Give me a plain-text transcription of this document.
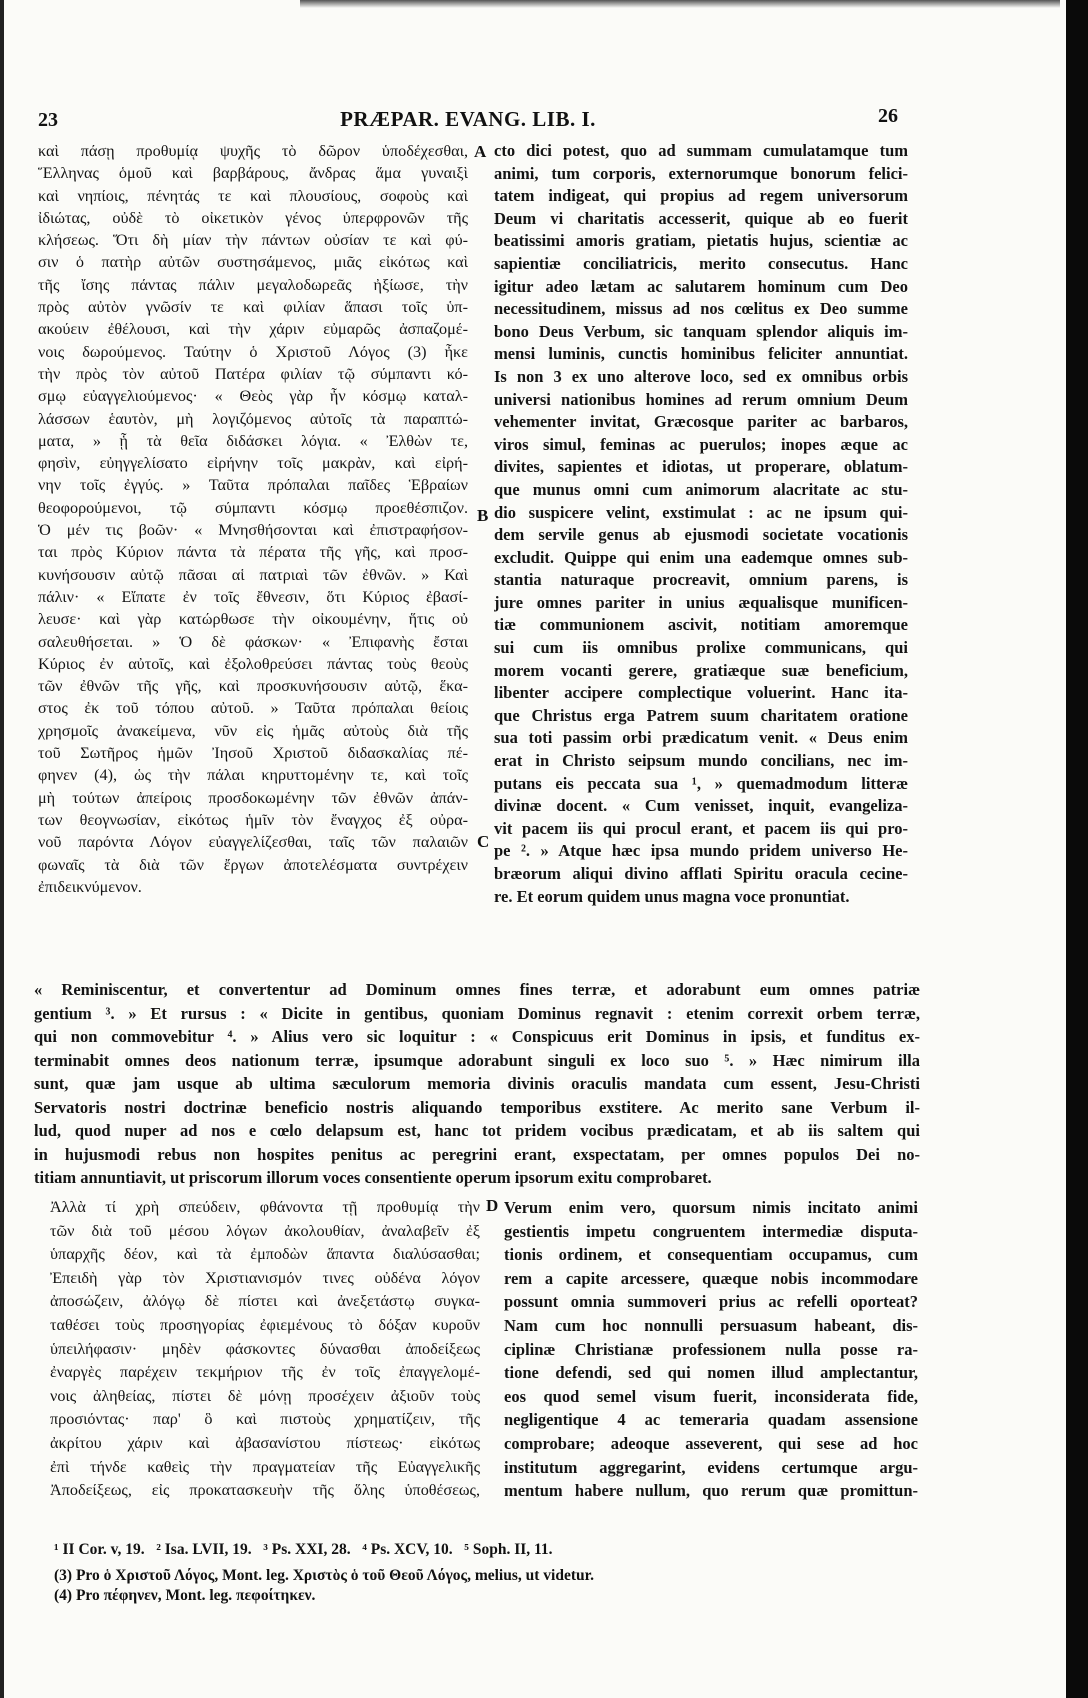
23	PRÆPAR. EVANG. LIB. I.	26
καὶ πάσῃ προθυμίᾳ ψυχῆς τὸ δῶρον ὑποδέχεσθαι,
Ἕλληνας ὁμοῦ καὶ βαρβάρους, ἄνδρας ἅμα γυναιξὶ
καὶ νηπίοις, πένητάς τε καὶ πλουσίους, σοφοὺς καὶ
ἰδιώτας, οὐδὲ τὸ οἰκετικὸν γένος ὑπερφρονῶν τῆς
κλήσεως. Ὅτι δὴ μίαν τὴν πάντων οὐσίαν τε καὶ φύ-
σιν ὁ πατὴρ αὐτῶν συστησάμενος, μιᾶς εἰκότως καὶ
τῆς ἴσης πάντας πάλιν μεγαλοδωρεᾶς ἠξίωσε, τὴν
πρὸς αὐτὸν γνῶσίν τε καὶ φιλίαν ἅπασι τοῖς ὑπ-
ακούειν ἐθέλουσι, καὶ τὴν χάριν εὐμαρῶς ἀσπαζομέ-
νοις δωρούμενος. Ταύτην ὁ Χριστοῦ Λόγος (3) ἦκε
τὴν πρὸς τὸν αὐτοῦ Πατέρα φιλίαν τῷ σύμπαντι κό-
σμῳ εὐαγγελιούμενος· « Θεὸς γὰρ ἦν κόσμῳ καταλ-
λάσσων ἑαυτὸν, μὴ λογιζόμενος αὐτοῖς τὰ παραπτώ-
ματα, » ᾗ τὰ θεῖα διδάσκει λόγια. « Ἐλθὼν τε,
φησὶν, εὐηγγελίσατο εἰρήνην τοῖς μακρὰν, καὶ εἰρή-
νην τοῖς ἐγγύς. » Ταῦτα πρόπαλαι παῖδες Ἑβραίων
θεοφορούμενοι, τῷ σύμπαντι κόσμῳ προεθέσπιζον.
Ὁ μέν τις βοῶν· « Μνησθήσονται καὶ ἐπιστραφήσον-
ται πρὸς Κύριον πάντα τὰ πέρατα τῆς γῆς, καὶ προσ-
κυνήσουσιν αὐτῷ πᾶσαι αἱ πατριαὶ τῶν ἐθνῶν. » Καὶ
πάλιν· « Εἴπατε ἐν τοῖς ἔθνεσιν, ὅτι Κύριος ἐβασί-
λευσε· καὶ γὰρ κατώρθωσε τὴν οἰκουμένην, ἥτις οὐ
σαλευθήσεται. » Ὁ δὲ φάσκων· « Ἐπιφανὴς ἔσται
Κύριος ἐν αὐτοῖς, καὶ ἐξολοθρεύσει πάντας τοὺς θεοὺς
τῶν ἐθνῶν τῆς γῆς, καὶ προσκυνήσουσιν αὐτῷ, ἕκα-
στος ἐκ τοῦ τόπου αὐτοῦ. » Ταῦτα πρόπαλαι θείοις
χρησμοῖς ἀνακείμενα, νῦν εἰς ἡμᾶς αὐτοὺς διὰ τῆς
τοῦ Σωτῆρος ἡμῶν Ἰησοῦ Χριστοῦ διδασκαλίας πέ-
φηνεν (4), ὡς τὴν πάλαι κηρυττομένην τε, καὶ τοῖς
μὴ τούτων ἀπείροις προσδοκωμένην τῶν ἐθνῶν ἀπάν-
των θεογνωσίαν, εἰκότως ἡμῖν τὸν ἔναγχος ἐξ οὐρα-
νοῦ παρόντα Λόγον εὐαγγελίζεσθαι, ταῖς τῶν παλαιῶν
φωναῖς τὰ διὰ τῶν ἔργων ἀποτελέσματα συντρέχειν
ἐπιδεικνύμενον.
cto dici potest, quo ad summam cumulatamque tum
animi, tum corporis, externorumque bonorum felici-
tatem indigeat, qui propius ad regem universorum
Deum vi charitatis accesserit, quique ab eo fuerit
beatissimi amoris gratiam, pietatis hujus, scientiæ ac
sapientiæ conciliatricis, merito consecutus. Hanc
igitur adeo lætam ac salutarem hominum cum Deo
necessitudinem, missus ad nos cœlitus ex Deo summe
bono Deus Verbum, sic tanquam splendor aliquis im-
mensi luminis, cunctis hominibus feliciter annuntiat.
Is non 3 ex uno alterove loco, sed ex omnibus orbis
universi nationibus homines ad rerum omnium Deum
vehementer invitat, Græcosque pariter ac barbaros,
viros simul, feminas ac puerulos; inopes æque ac
divites, sapientes et idiotas, ut properare, oblatum-
que munus omni cum animorum alacritate ac stu-
dio suspicere velint, exstimulat : ac ne ipsum qui-
dem servile genus ab ejusmodi societate vocationis
excludit. Quippe qui enim una eademque omnes sub-
stantia naturaque procreavit, omnium parens, is
jure omnes pariter in unius æqualisque munificen-
tiæ communionem ascivit, notitiam amoremque
sui cum iis omnibus prolixe communicans, qui
morem vocanti gerere, gratiæque suæ beneficium,
libenter accipere complectique voluerint. Hanc ita-
que Christus erga Patrem suum charitatem oratione
sua toti passim orbi prædicatum venit. « Deus enim
erat in Christo seipsum mundo concilians, nec im-
putans eis peccata sua ¹, » quemadmodum litteræ
divinæ docent. « Cum venisset, inquit, evangeliza-
vit pacem iis qui procul erant, et pacem iis qui pro-
pe ². » Atque hæc ipsa mundo pridem universo He-
bræorum aliqui divino afflati Spiritu oracula cecine-
re. Et eorum quidem unus magna voce pronuntiat.
A
B
C
D
« Reminiscentur, et convertentur ad Dominum omnes fines terræ, et adorabunt eum omnes patriæ
gentium ³. » Et rursus : « Dicite in gentibus, quoniam Dominus regnavit : etenim correxit orbem terræ,
qui non commovebitur ⁴. » Alius vero sic loquitur : « Conspicuus erit Dominus in ipsis, et funditus ex-
terminabit omnes deos nationum terræ, ipsumque adorabunt singuli ex loco suo ⁵. » Hæc nimirum illa
sunt, quæ jam usque ab ultima sæculorum memoria divinis oraculis mandata cum essent, Jesu-Christi
Servatoris nostri doctrinæ beneficio nostris aliquando temporibus exstitere. Ac merito sane Verbum il-
lud, quod nuper ad nos e cœlo delapsum est, hanc tot pridem vocibus prædicatam, et ab iis saltem qui
in hujusmodi rebus non hospites penitus ac peregrini erant, exspectatam, per omnes populos Dei no-
titiam annuntiavit, ut priscorum illorum voces consentiente operum ipsorum exitu comprobaret.
Ἀλλὰ τί χρὴ σπεύδειν, φθάνοντα τῇ προθυμίᾳ τὴν
τῶν διὰ τοῦ μέσου λόγων ἀκολουθίαν, ἀναλαβεῖν ἐξ
ὑπαρχῆς δέον, καὶ τὰ ἐμποδὼν ἅπαντα διαλύσασθαι;
Ἐπειδὴ γὰρ τὸν Χριστιανισμόν τινες οὐδένα λόγον
ἀποσώζειν, ἀλόγῳ δὲ πίστει καὶ ἀνεξετάστῳ συγκα-
ταθέσει τοὺς προσηγορίας ἐφιεμένους τὸ δόξαν κυροῦν
ὑπειλήφασιν· μηδὲν φάσκοντες δύνασθαι ἀποδείξεως
ἐναργὲς παρέχειν τεκμήριον τῆς ἐν τοῖς ἐπαγγελομέ-
νοις ἀληθείας, πίστει δὲ μόνῃ προσέχειν ἀξιοῦν τοὺς
προσιόντας· παρ' ὃ καὶ πιστοὺς χρηματίζειν, τῆς
ἀκρίτου χάριν καὶ ἀβασανίστου πίστεως· εἰκότως
ἐπὶ τήνδε καθεὶς τὴν πραγματείαν τῆς Εὐαγγελικῆς
Ἀποδείξεως, εἰς προκατασκευὴν τῆς ὅλης ὑποθέσεως,
Verum enim vero, quorsum nimis incitato animi
gestientis impetu congruentem intermediæ disputa-
tionis ordinem, et consequentiam occupamus, cum
rem a capite arcessere, quæque nobis incommodare
possunt omnia summoveri prius ac refelli oporteat?
Nam cum hoc nonnulli persuasum habeant, dis-
ciplinæ Christianæ professionem nulla posse ra-
tione defendi, sed qui nomen illud amplectantur,
eos quod semel visum fuerit, inconsiderata fide,
negligentique 4 ac temeraria quadam assensione
comprobare; adeoque asseverent, qui sese ad hoc
institutum aggregarint, evidens certumque argu-
mentum habere nullum, quo rerum quæ promittun-
¹ II Cor. v, 19.   ² Isa. LVII, 19.   ³ Ps. XXI, 28.   ⁴ Ps. XCV, 10.   ⁵ Soph. II, 11.
(3) Pro ὁ Χριστοῦ Λόγος, Mont. leg. Χριστὸς ὁ τοῦ Θεοῦ Λόγος, melius, ut videtur.
(4) Pro πέφηνεν, Mont. leg. πεφοίτηκεν.
